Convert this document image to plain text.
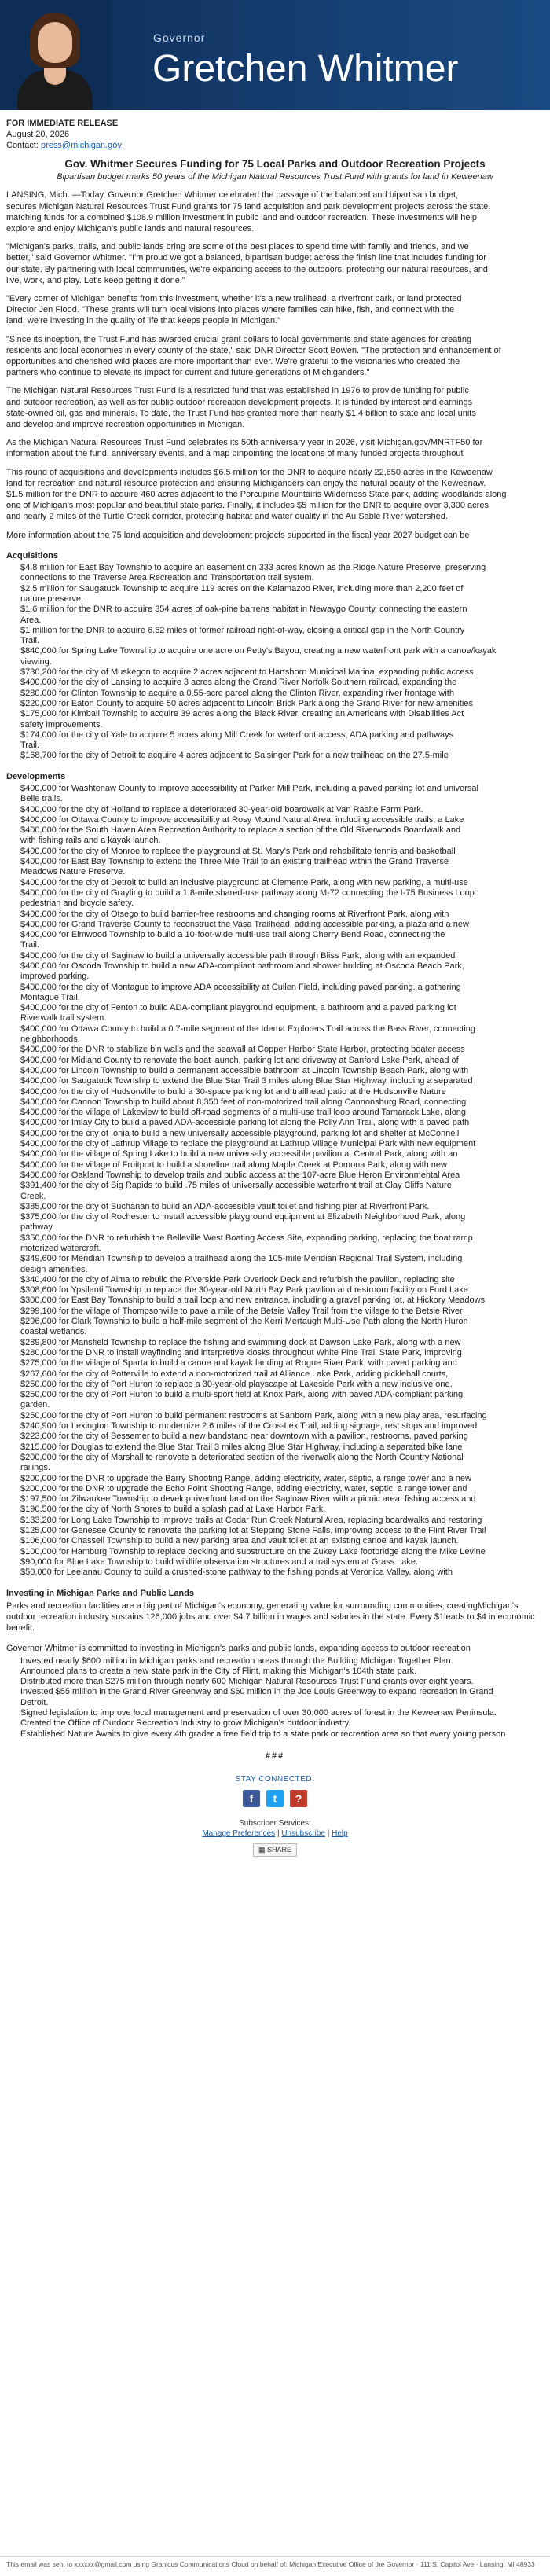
Governor
Gretchen Whitmer
FOR IMMEDIATE RELEASE
August 20, 2026
Contact: press@michigan.gov
Gov. Whitmer Secures Funding for 75 Local Parks and Outdoor Recreation Projects
Bipartisan budget marks 50 years of the Michigan Natural Resources Trust Fund with grants for land in Keweenaw

LANSING, Mich. —Today, Governor Gretchen Whitmer celebrated the passage of the balanced and bipartisan budget,
secures Michigan Natural Resources Trust Fund grants for 75 land acquisition and park development projects across the state,
matching funds for a combined $108.9 million investment in public land and outdoor recreation. These investments will help
explore and enjoy Michigan's public lands and natural resources.

"Michigan's parks, trails, and public lands bring are some of the best places to spend time with family and friends, and we
better," said Governor Whitmer. "I'm proud we got a balanced, bipartisan budget across the finish line that includes funding for
our state. By partnering with local communities, we're expanding access to the outdoors, protecting our natural resources, and
live, work, and play. Let's keep getting it done."

"Every corner of Michigan benefits from this investment, whether it's a new trailhead, a riverfront park, or land protected
Director Jen Flood. "These grants will turn local visions into places where families can hike, fish, and connect with the
land, we're investing in the quality of life that keeps people in Michigan."

"Since its inception, the Trust Fund has awarded crucial grant dollars to local governments and state agencies for creating
residents and local economies in every county of the state," said DNR Director Scott Bowen. "The protection and enhancement of
opportunities and cherished wild places are more important than ever. We're grateful to the visionaries who created the
partners who continue to elevate its impact for current and future generations of Michiganders."

The Michigan Natural Resources Trust Fund is a restricted fund that was established in 1976 to provide funding for public
and outdoor recreation, as well as for public outdoor recreation development projects. It is funded by interest and earnings
state-owned oil, gas and minerals. To date, the Trust Fund has granted more than nearly $1.4 billion to state and local units
and develop and improve recreation opportunities in Michigan.

As the Michigan Natural Resources Trust Fund celebrates its 50th anniversary year in 2026, visit Michigan.gov/MNRTF50 for
information about the fund, anniversary events, and a map pinpointing the locations of many funded projects throughout

This round of acquisitions and developments includes $6.5 million for the DNR to acquire nearly 22,650 acres in the Keweenaw
land for recreation and natural resource protection and ensuring Michiganders can enjoy the natural beauty of the Keweenaw.
$1.5 million for the DNR to acquire 460 acres adjacent to the Porcupine Mountains Wilderness State park, adding woodlands along
one of Michigan's most popular and beautiful state parks. Finally, it includes $5 million for the DNR to acquire over 3,300 acres
and nearly 2 miles of the Turtle Creek corridor, protecting habitat and water quality in the Au Sable River watershed.

More information about the 75 land acquisition and development projects supported in the fiscal year 2027 budget can be

Acquisitions
• $4.8 million for East Bay Township to acquire an easement on 333 acres known as the Ridge Nature Preserve, preserving
connections to the Traverse Area Recreation and Transportation trail system.
• $2.5 million for Saugatuck Township to acquire 119 acres on the Kalamazoo River, including more than 2,200 feet of
nature preserve.
• $1.6 million for the DNR to acquire 354 acres of oak-pine barrens habitat in Newaygo County, connecting the eastern
Area.
• $1 million for the DNR to acquire 6.62 miles of former railroad right-of-way, closing a critical gap in the North Country
Trail.
• $840,000 for Spring Lake Township to acquire one acre on Petty's Bayou, creating a new waterfront park with a canoe/kayak
viewing.
• $730,200 for the city of Muskegon to acquire 2 acres adjacent to Hartshorn Municipal Marina, expanding public access
• $400,000 for the city of Lansing to acquire 3 acres along the Grand River Norfolk Southern railroad, expanding the
• $280,000 for Clinton Township to acquire a 0.55-acre parcel along the Clinton River, expanding river frontage with
• $220,000 for Eaton County to acquire 50 acres adjacent to Lincoln Brick Park along the Grand River for new amenities
• $175,000 for Kimball Township to acquire 39 acres along the Black River, creating an Americans with Disabilities Act
safety improvements.
• $174,000 for the city of Yale to acquire 5 acres along Mill Creek for waterfront access, ADA parking and pathways
Trail.
• $168,700 for the city of Detroit to acquire 4 acres adjacent to Salsinger Park for a new trailhead on the 27.5-mile
Developments
• $400,000 for Washtenaw County to improve accessibility at Parker Mill Park, including a paved parking lot and universal
Belle trails.
• $400,000 for the city of Holland to replace a deteriorated 30-year-old boardwalk at Van Raalte Farm Park.
• $400,000 for Ottawa County to improve accessibility at Rosy Mound Natural Area, including accessible trails, a Lake
• $400,000 for the South Haven Area Recreation Authority to replace a section of the Old Riverwoods Boardwalk and
with fishing rails and a kayak launch.
• $400,000 for the city of Monroe to replace the playground at St. Mary's Park and rehabilitate tennis and basketball
• $400,000 for East Bay Township to extend the Three Mile Trail to an existing trailhead within the Grand Traverse
Meadows Nature Preserve.
• $400,000 for the city of Detroit to build an inclusive playground at Clemente Park, along with new parking, a multi-use
• $400,000 for the city of Grayling to build a 1.8-mile shared-use pathway along M-72 connecting the I-75 Business Loop
pedestrian and bicycle safety.
• $400,000 for the city of Otsego to build barrier-free restrooms and changing rooms at Riverfront Park, along with
• $400,000 for Grand Traverse County to reconstruct the Vasa Trailhead, adding accessible parking, a plaza and a new
• $400,000 for Elmwood Township to build a 10-foot-wide multi-use trail along Cherry Bend Road, connecting the
Trail.
• $400,000 for the city of Saginaw to build a universally accessible path through Bliss Park, along with an expanded
• $400,000 for Oscoda Township to build a new ADA-compliant bathroom and shower building at Oscoda Beach Park,
improved parking.
• $400,000 for the city of Montague to improve ADA accessibility at Cullen Field, including paved parking, a gathering
Montague Trail.
• $400,000 for the city of Fenton to build ADA-compliant playground equipment, a bathroom and a paved parking lot
Riverwalk trail system.
• $400,000 for Ottawa County to build a 0.7-mile segment of the Idema Explorers Trail across the Bass River, connecting
neighborhoods.
• $400,000 for the DNR to stabilize bin walls and the seawall at Copper Harbor State Harbor, protecting boater access
• $400,000 for Midland County to renovate the boat launch, parking lot and driveway at Sanford Lake Park, ahead of
• $400,000 for Lincoln Township to build a permanent accessible bathroom at Lincoln Township Beach Park, along with
• $400,000 for Saugatuck Township to extend the Blue Star Trail 3 miles along Blue Star Highway, including a separated
• $400,000 for the city of Hudsonville to build a 30-space parking lot and trailhead patio at the Hudsonville Nature
• $400,000 for Cannon Township to build about 8,350 feet of non-motorized trail along Cannonsburg Road, connecting
• $400,000 for the village of Lakeview to build off-road segments of a multi-use trail loop around Tamarack Lake, along
• $400,000 for Imlay City to build a paved ADA-accessible parking lot along the Polly Ann Trail, along with a paved path
• $400,000 for the city of Ionia to build a new universally accessible playground, parking lot and shelter at McConnell
• $400,000 for the city of Lathrup Village to replace the playground at Lathrup Village Municipal Park with new equipment
• $400,000 for the village of Spring Lake to build a new universally accessible pavilion at Central Park, along with an
• $400,000 for the village of Fruitport to build a shoreline trail along Maple Creek at Pomona Park, along with new
• $400,000 for Oakland Township to develop trails and public access at the 107-acre Blue Heron Environmental Area
• $391,400 for the city of Big Rapids to build .75 miles of universally accessible waterfront trail at Clay Cliffs Nature
Creek.
• $385,000 for the city of Buchanan to build an ADA-accessible vault toilet and fishing pier at Riverfront Park.
• $375,000 for the city of Rochester to install accessible playground equipment at Elizabeth Neighborhood Park, along
pathway.
• $350,000 for the DNR to refurbish the Belleville West Boating Access Site, expanding parking, replacing the boat ramp
motorized watercraft.
• $349,600 for Meridian Township to develop a trailhead along the 105-mile Meridian Regional Trail System, including
design amenities.
• $340,400 for the city of Alma to rebuild the Riverside Park Overlook Deck and refurbish the pavilion, replacing site
• $308,600 for Ypsilanti Township to replace the 30-year-old North Bay Park pavilion and restroom facility on Ford Lake
• $300,000 for East Bay Township to build a trail loop and new entrance, including a gravel parking lot, at Hickory Meadows
• $299,100 for the village of Thompsonville to pave a mile of the Betsie Valley Trail from the village to the Betsie River
• $296,000 for Clark Township to build a half-mile segment of the Kerri Mertaugh Multi-Use Path along the North Huron
coastal wetlands.
• $289,800 for Mansfield Township to replace the fishing and swimming dock at Dawson Lake Park, along with a new
• $280,000 for the DNR to install wayfinding and interpretive kiosks throughout White Pine Trail State Park, improving
• $275,000 for the village of Sparta to build a canoe and kayak landing at Rogue River Park, with paved parking and
• $267,600 for the city of Potterville to extend a non-motorized trail at Alliance Lake Park, adding pickleball courts,
• $250,000 for the city of Port Huron to replace a 30-year-old playscape at Lakeside Park with a new inclusive one,
• $250,000 for the city of Port Huron to build a multi-sport field at Knox Park, along with paved ADA-compliant parking
garden.
• $250,000 for the city of Port Huron to build permanent restrooms at Sanborn Park, along with a new play area, resurfacing
• $240,900 for Lexington Township to modernize 2.6 miles of the Cros-Lex Trail, adding signage, rest stops and improved
• $223,000 for the city of Bessemer to build a new bandstand near downtown with a pavilion, restrooms, paved parking
• $215,000 for Douglas to extend the Blue Star Trail 3 miles along Blue Star Highway, including a separated bike lane
• $200,000 for the city of Marshall to renovate a deteriorated section of the riverwalk along the North Country National
railings.
• $200,000 for the DNR to upgrade the Barry Shooting Range, adding electricity, water, septic, a range tower and a new
• $200,000 for the DNR to upgrade the Echo Point Shooting Range, adding electricity, water, septic, a range tower and
• $197,500 for Zilwaukee Township to develop riverfront land on the Saginaw River with a picnic area, fishing access and
• $190,500 for the city of North Shores to build a splash pad at Lake Harbor Park.
• $133,200 for Long Lake Township to improve trails at Cedar Run Creek Natural Area, replacing boardwalks and restoring
• $125,000 for Genesee County to renovate the parking lot at Stepping Stone Falls, improving access to the Flint River Trail
• $106,000 for Chassell Township to build a new parking area and vault toilet at an existing canoe and kayak launch.
• $100,000 for Hamburg Township to replace decking and substructure on the Zukey Lake footbridge along the Mike Levine
• $90,000 for Blue Lake Township to build wildlife observation structures and a trail system at Grass Lake.
• $50,000 for Leelanau County to build a crushed-stone pathway to the fishing ponds at Veronica Valley, along with
Investing in Michigan Parks and Public Lands
Parks and recreation facilities are a big part of Michigan's economy, generating value for surrounding communities, creatingMichigan's outdoor recreation industry sustains 126,000 jobs and over $4.7 billion in wages and salaries in the state. Every $1leads to $4 in economic benefit.

Governor Whitmer is committed to investing in Michigan's parks and public lands, expanding access to outdoor recreation

• Invested nearly $600 million in Michigan parks and recreation areas through the Building Michigan Together Plan.
• Announced plans to create a new state park in the City of Flint, making this Michigan's 104th state park.
• Distributed more than $275 million through nearly 600 Michigan Natural Resources Trust Fund grants over eight years.
• Invested $55 million in the Grand River Greenway and $60 million in the Joe Louis Greenway to expand recreation in Grand
Detroit.
• Signed legislation to improve local management and preservation of over 30,000 acres of forest in the Keweenaw Peninsula.
• Created the Office of Outdoor Recreation Industry to grow Michigan's outdoor industry.
• Established Nature Awaits to give every 4th grader a free field trip to a state park or recreation area so that every young person
###
STAY CONNECTED:
f	t	?
Subscriber Services:
Manage Preferences | Unsubscribe | Help
▦ SHARE
This email was sent to xxxxxx@gmail.com using Granicus Communications Cloud on behalf of: Michigan Executive Office of the Governor · 111 S. Capitol Ave · Lansing, MI 48933
